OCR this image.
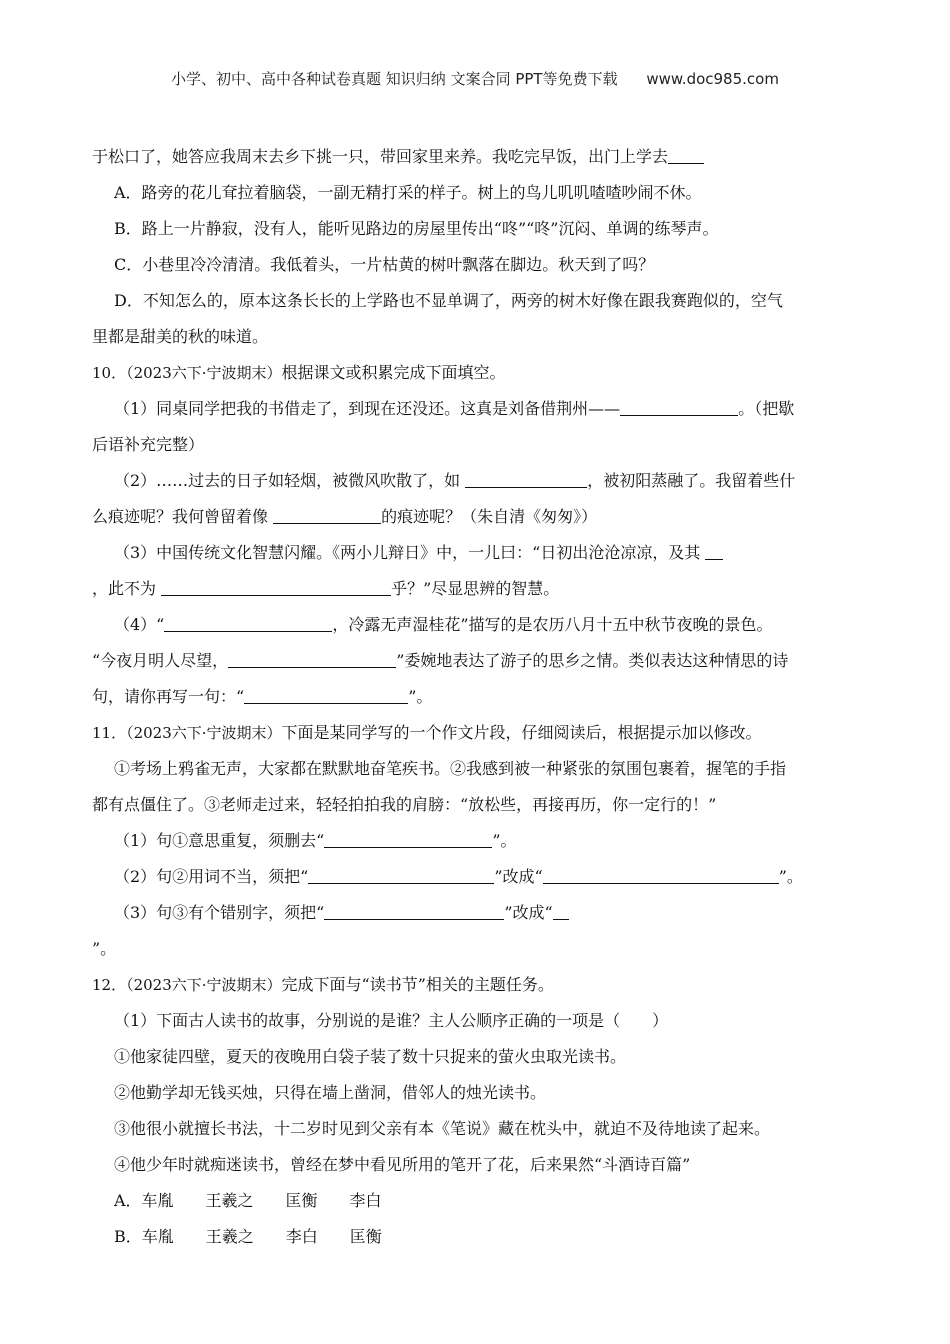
小学、初中、高中各种试卷真题 知识归纳 文案合同 PPT等免费下载 www.doc985.com
于松口了，她答应我周末去乡下挑一只，带回家里来养。我吃完早饭，出门上学去
A．路旁的花儿耷拉着脑袋，一副无精打采的样子。树上的鸟儿叽叽喳喳吵闹不休。
B．路上一片静寂，没有人，能听见路边的房屋里传出“咚”“咚”沉闷、单调的练琴声。
C．小巷里冷冷清清。我低着头，一片枯黄的树叶飘落在脚边。秋天到了吗？
D．不知怎么的，原本这条长长的上学路也不显单调了，两旁的树木好像在跟我赛跑似的，空气
里都是甜美的秋的味道。
10．（2023六下·宁波期末）根据课文或积累完成下面填空。
（1）同桌同学把我的书借走了，到现在还没还。这真是刘备借荆州——	。（把歇
后语补充完整）
（2）……过去的日子如轻烟，被微风吹散了，如	，被初阳蒸融了。我留着些什
么痕迹呢？我何曾留着像	的痕迹呢？（朱自清《匆匆》）
（3）中国传统文化智慧闪耀。《两小儿辩日》中，一儿曰：“日初出沧沧凉凉，及其
，此不为	乎？”尽显思辨的智慧。
（4）“	，冷露无声湿桂花”描写的是农历八月十五中秋节夜晚的景色。
“今夜月明人尽望，	”委婉地表达了游子的思乡之情。类似表达这种情思的诗
句，请你再写一句：“	”。
11．（2023六下·宁波期末）下面是某同学写的一个作文片段，仔细阅读后，根据提示加以修改。
①考场上鸦雀无声，大家都在默默地奋笔疾书。②我感到被一种紧张的氛围包裹着，握笔的手指
都有点僵住了。③老师走过来，轻轻拍拍我的肩膀：“放松些，再接再历，你一定行的！”
（1）句①意思重复，须删去“	”。
（2）句②用词不当，须把“	”改成“	”。
（3）句③有个错别字，须把“	”改成“
”。
12．（2023六下·宁波期末）完成下面与“读书节”相关的主题任务。
（1）下面古人读书的故事，分别说的是谁？主人公顺序正确的一项是（　　）
①他家徒四壁，夏天的夜晚用白袋子装了数十只捉来的萤火虫取光读书。
②他勤学却无钱买烛，只得在墙上凿洞，借邻人的烛光读书。
③他很小就擅长书法，十二岁时见到父亲有本《笔说》藏在枕头中，就迫不及待地读了起来。
④他少年时就痴迷读书，曾经在梦中看见所用的笔开了花，后来果然“斗酒诗百篇”
A．车胤　　王羲之　　匡衡　　李白
B．车胤　　王羲之　　李白　　匡衡
